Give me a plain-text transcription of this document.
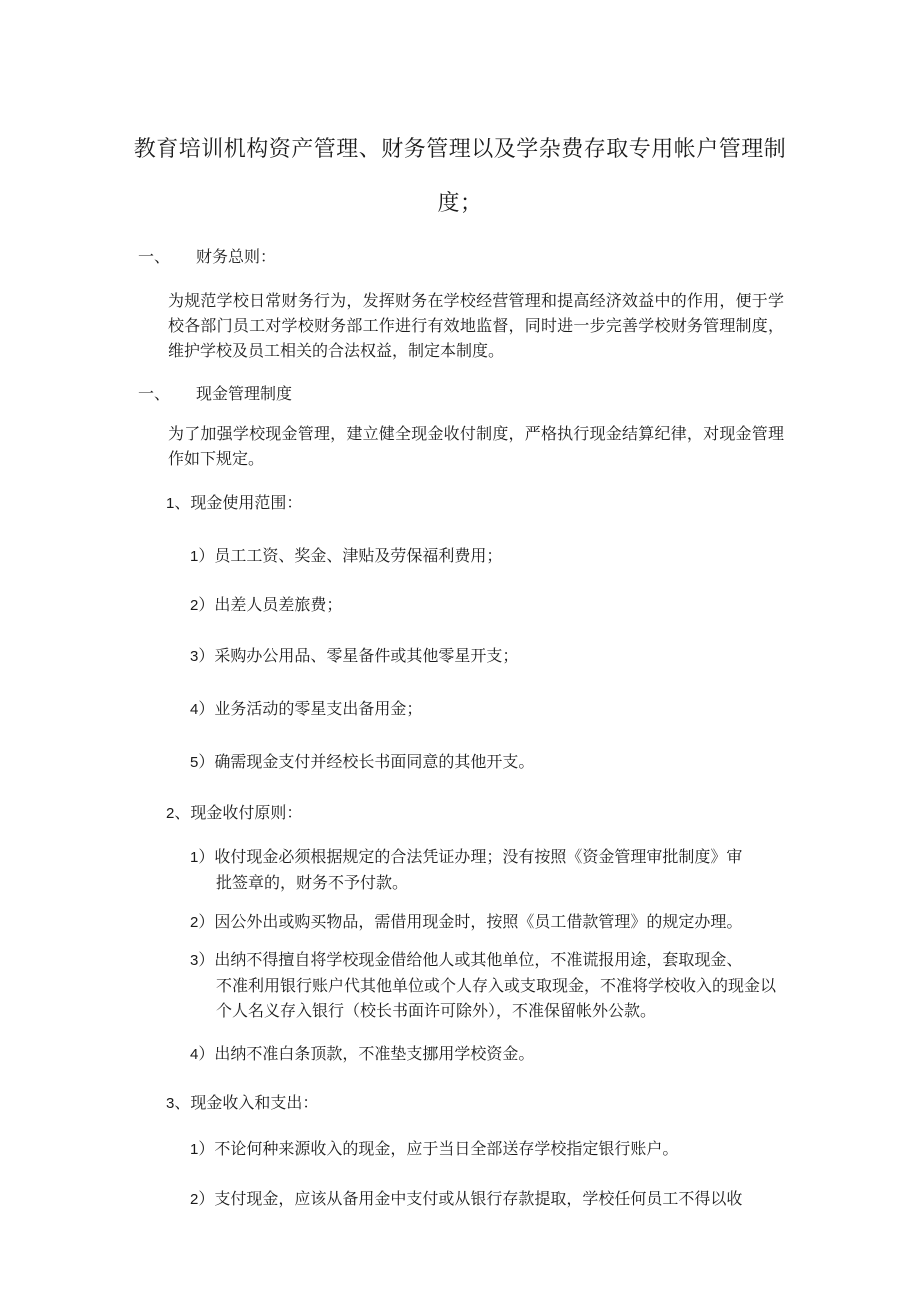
教育培训机构资产管理、财务管理以及学杂费存取专用帐户管理制
度；
一、 财务总则：
为规范学校日常财务行为，发挥财务在学校经营管理和提高经济效益中的作用，便于学校各部门员工对学校财务部工作进行有效地监督，同时进一步完善学校财务管理制度，维护学校及员工相关的合法权益，制定本制度。
一、 现金管理制度
为了加强学校现金管理，建立健全现金收付制度，严格执行现金结算纪律，对现金管理作如下规定。
1、现金使用范围：
1）员工工资、奖金、津贴及劳保福利费用；
2）出差人员差旅费；
3）采购办公用品、零星备件或其他零星开支；
4）业务活动的零星支出备用金；
5）确需现金支付并经校长书面同意的其他开支。
2、现金收付原则：
1）收付现金必须根据规定的合法凭证办理；没有按照《资金管理审批制度》审
批签章的，财务不予付款。
2）因公外出或购买物品，需借用现金时，按照《员工借款管理》的规定办理。
3）出纳不得擅自将学校现金借给他人或其他单位，不准谎报用途，套取现金、
不准利用银行账户代其他单位或个人存入或支取现金，不准将学校收入的现金以个人名义存入银行（校长书面许可除外），不准保留帐外公款。
4）出纳不准白条顶款，不准垫支挪用学校资金。
3、现金收入和支出：
1）不论何种来源收入的现金，应于当日全部送存学校指定银行账户。
2）支付现金，应该从备用金中支付或从银行存款提取，学校任何员工不得以收
